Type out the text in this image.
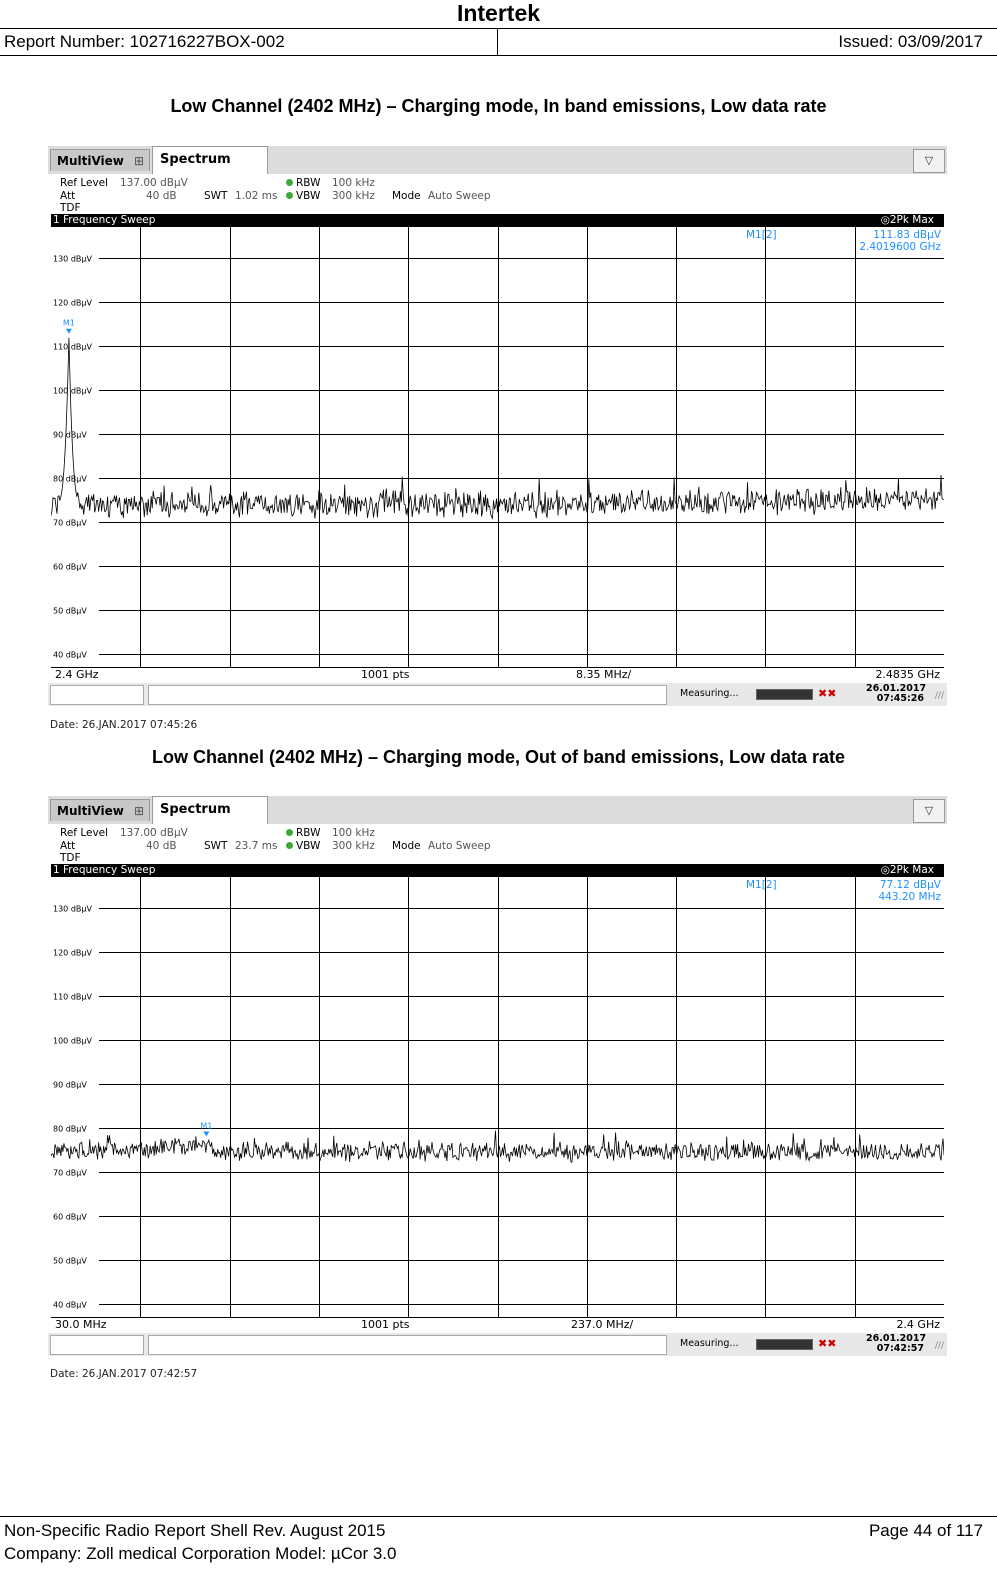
Intertek
Report Number: 102716227BOX-002	Issued: 03/09/2017
Low Channel (2402 MHz) – Charging mode, In band emissions, Low data rate
MultiView ⊞	Spectrum	▽
Ref Level 137.00 dBµV
Att	40 dB	SWT 1.02 ms
TDF
RBW 100 kHz
VBW 300 kHz Mode Auto Sweep
1 Frequency Sweep	◎2Pk Max
130 dBµV
120 dBµV
110 dBµV
100 dBµV
90 dBµV
80 dBµV
70 dBµV
60 dBµV
50 dBµV
40 dBµV
M1
M1[2]	111.83 dBµV
2.4019600 GHz
2.4 GHz	1001 pts	8.35 MHz/	2.4835 GHz
Measuring...	✖✖	26.01.2017
07:45:26 ///
Date: 26.JAN.2017 07:45:26
Low Channel (2402 MHz) – Charging mode, Out of band emissions, Low data rate
MultiView ⊞	Spectrum	▽
Ref Level 137.00 dBµV
Att	40 dB	SWT 23.7 ms
TDF
RBW 100 kHz
VBW 300 kHz Mode Auto Sweep
1 Frequency Sweep	◎2Pk Max
130 dBµV
120 dBµV
110 dBµV
100 dBµV
90 dBµV
80 dBµV
70 dBµV
60 dBµV
50 dBµV
40 dBµV
M1
M1[2]	77.12 dBµV
443.20 MHz
30.0 MHz	1001 pts	237.0 MHz/	2.4 GHz
Measuring...	✖✖	26.01.2017
07:42:57 ///
Date: 26.JAN.2017 07:42:57
Non-Specific Radio Report Shell Rev. August 2015	Page 44 of 117
Company: Zoll medical Corporation Model: µCor 3.0
